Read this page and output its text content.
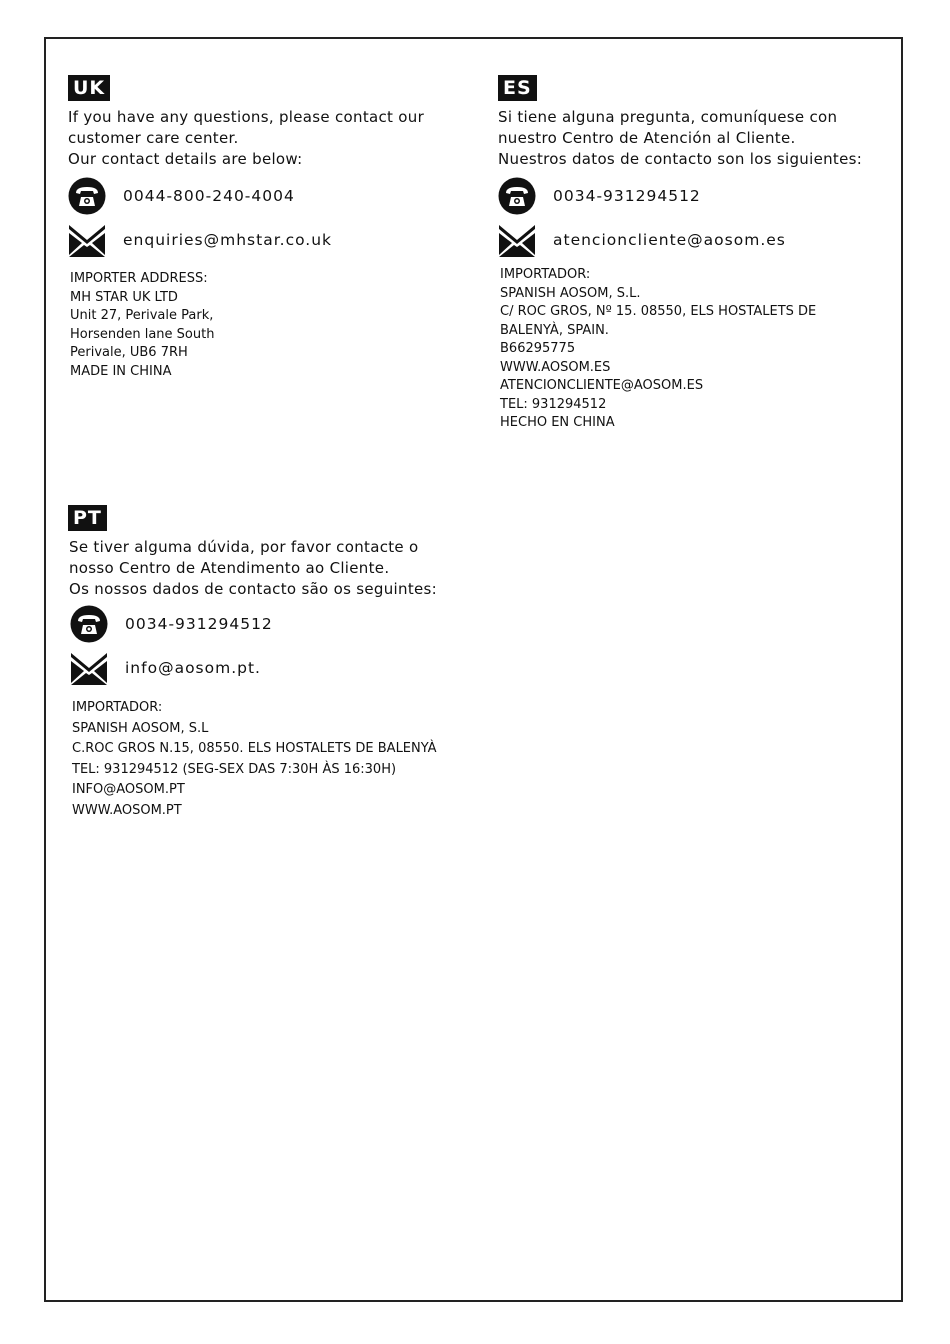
UK
If you have any questions, please contact our
customer care center.
Our contact details are below:
0044-800-240-4004
enquiries@mhstar.co.uk
IMPORTER ADDRESS:
MH STAR UK LTD
Unit 27, Perivale Park,
Horsenden lane South
Perivale, UB6 7RH
MADE IN CHINA
ES
Si tiene alguna pregunta, comuníquese con
nuestro Centro de Atención al Cliente.
Nuestros datos de contacto son los siguientes:
0034-931294512
atencioncliente@aosom.es
IMPORTADOR:
SPANISH AOSOM, S.L.
C/ ROC GROS, Nº 15. 08550, ELS HOSTALETS DE
BALENYÀ, SPAIN.
B66295775
WWW.AOSOM.ES
ATENCIONCLIENTE@AOSOM.ES
TEL: 931294512
HECHO EN CHINA
PT
Se tiver alguma dúvida, por favor contacte o
nosso Centro de Atendimento ao Cliente.
Os nossos dados de contacto são os seguintes:
0034-931294512
info@aosom.pt.
IMPORTADOR:
SPANISH AOSOM, S.L
C.ROC GROS N.15, 08550. ELS HOSTALETS DE BALENYÀ
TEL: 931294512 (SEG-SEX DAS 7:30H ÀS 16:30H)
INFO@AOSOM.PT
WWW.AOSOM.PT
